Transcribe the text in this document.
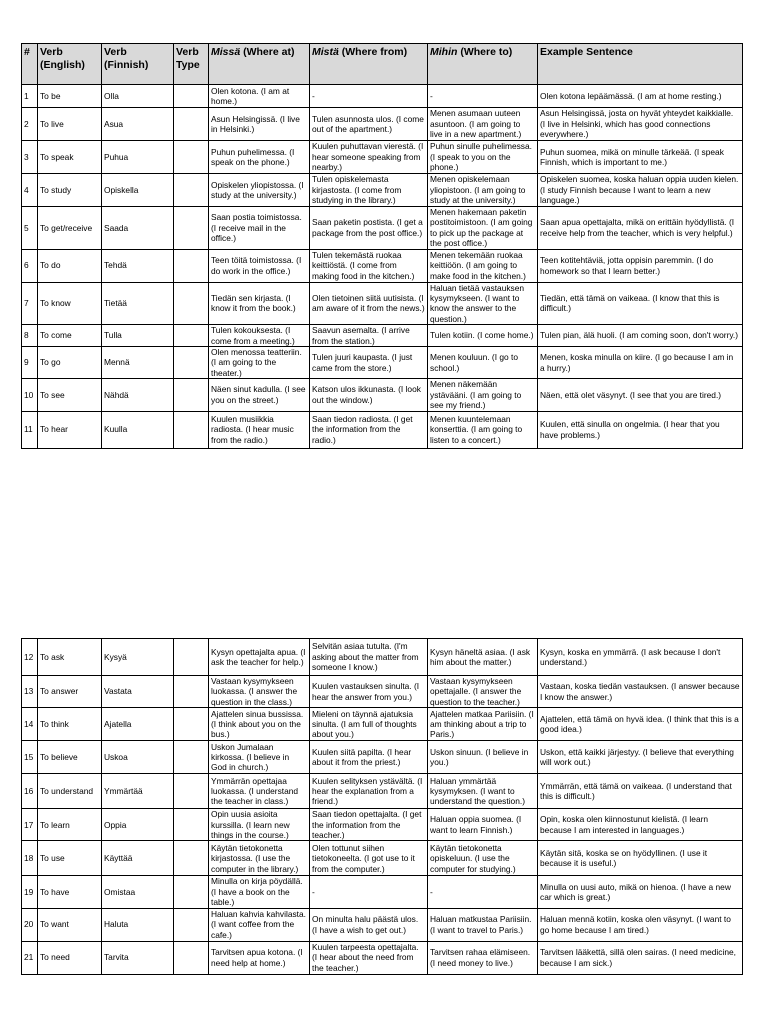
#	Verb (English)	Verb (Finnish)	Verb Type	Missä (Where at)	Mistä (Where from)	Mihin (Where to)	Example Sentence
1	To be	Olla		Olen kotona. (I am at home.)	-	-	Olen kotona lepäämässä. (I am at home resting.)
2	To live	Asua		Asun Helsingissä. (I live in Helsinki.)	Tulen asunnosta ulos. (I come out of the apartment.)	Menen asumaan uuteen asuntoon. (I am going to live in a new apartment.)	Asun Helsingissä, josta on hyvät yhteydet kaikkialle. (I live in Helsinki, which has good connections everywhere.)
3	To speak	Puhua		Puhun puhelimessa. (I speak on the phone.)	Kuulen puhuttavan vierestä. (I hear someone speaking from nearby.)	Puhun sinulle puhelimessa. (I speak to you on the phone.)	Puhun suomea, mikä on minulle tärkeää. (I speak Finnish, which is important to me.)
4	To study	Opiskella		Opiskelen yliopistossa. (I study at the university.)	Tulen opiskelemasta kirjastosta. (I come from studying in the library.)	Menen opiskelemaan yliopistoon. (I am going to study at the university.)	Opiskelen suomea, koska haluan oppia uuden kielen. (I study Finnish because I want to learn a new language.)
5	To get/receive	Saada		Saan postia toimistossa. (I receive mail in the office.)	Saan paketin postista. (I get a package from the post office.)	Menen hakemaan paketin postitoimistoon. (I am going to pick up the package at the post office.)	Saan apua opettajalta, mikä on erittäin hyödyllistä. (I receive help from the teacher, which is very helpful.)
6	To do	Tehdä		Teen töitä toimistossa. (I do work in the office.)	Tulen tekemästä ruokaa keittiöstä. (I come from making food in the kitchen.)	Menen tekemään ruokaa keittiöön. (I am going to make food in the kitchen.)	Teen kotitehtäviä, jotta oppisin paremmin. (I do homework so that I learn better.)
7	To know	Tietää		Tiedän sen kirjasta. (I know it from the book.)	Olen tietoinen siitä uutisista. (I am aware of it from the news.)	Haluan tietää vastauksen kysymykseen. (I want to know the answer to the question.)	Tiedän, että tämä on vaikeaa. (I know that this is difficult.)
8	To come	Tulla		Tulen kokouksesta. (I come from a meeting.)	Saavun asemalta. (I arrive from the station.)	Tulen kotiin. (I come home.)	Tulen pian, älä huoli. (I am coming soon, don't worry.)
9	To go	Mennä		Olen menossa teatteriin. (I am going to the theater.)	Tulen juuri kaupasta. (I just came from the store.)	Menen kouluun. (I go to school.)	Menen, koska minulla on kiire. (I go because I am in a hurry.)
10	To see	Nähdä		Näen sinut kadulla. (I see you on the street.)	Katson ulos ikkunasta. (I look out the window.)	Menen näkemään ystävääni. (I am going to see my friend.)	Näen, että olet väsynyt. (I see that you are tired.)
11	To hear	Kuulla		Kuulen musiikkia radiosta. (I hear music from the radio.)	Saan tiedon radiosta. (I get the information from the radio.)	Menen kuuntelemaan konserttia. (I am going to listen to a concert.)	Kuulen, että sinulla on ongelmia. (I hear that you have problems.)
12	To ask	Kysyä		Kysyn opettajalta apua. (I ask the teacher for help.)	Selvitän asiaa tutulta. (I'm asking about the matter from someone I know.)	Kysyn häneltä asiaa. (I ask him about the matter.)	Kysyn, koska en ymmärrä. (I ask because I don't understand.)
13	To answer	Vastata		Vastaan kysymykseen luokassa. (I answer the question in the class.)	Kuulen vastauksen sinulta. (I hear the answer from you.)	Vastaan kysymykseen opettajalle. (I answer the question to the teacher.)	Vastaan, koska tiedän vastauksen. (I answer because I know the answer.)
14	To think	Ajatella		Ajattelen sinua bussissa. (I think about you on the bus.)	Mieleni on täynnä ajatuksia sinulta. (I am full of thoughts about you.)	Ajattelen matkaa Pariisiin. (I am thinking about a trip to Paris.)	Ajattelen, että tämä on hyvä idea. (I think that this is a good idea.)
15	To believe	Uskoa		Uskon Jumalaan kirkossa. (I believe in God in church.)	Kuulen siitä papilta. (I hear about it from the priest.)	Uskon sinuun. (I believe in you.)	Uskon, että kaikki järjestyy. (I believe that everything will work out.)
16	To understand	Ymmärtää		Ymmärrän opettajaa luokassa. (I understand the teacher in class.)	Kuulen selityksen ystävältä. (I hear the explanation from a friend.)	Haluan ymmärtää kysymyksen. (I want to understand the question.)	Ymmärrän, että tämä on vaikeaa. (I understand that this is difficult.)
17	To learn	Oppia		Opin uusia asioita kurssilla. (I learn new things in the course.)	Saan tiedon opettajalta. (I get the information from the teacher.)	Haluan oppia suomea. (I want to learn Finnish.)	Opin, koska olen kiinnostunut kielistä. (I learn because I am interested in languages.)
18	To use	Käyttää		Käytän tietokonetta kirjastossa. (I use the computer in the library.)	Olen tottunut siihen tietokoneelta. (I got use to it from the computer.)	Käytän tietokonetta opiskeluun. (I use the computer for studying.)	Käytän sitä, koska se on hyödyllinen. (I use it because it is useful.)
19	To have	Omistaa		Minulla on kirja pöydällä. (I have a book on the table.)	-	-	Minulla on uusi auto, mikä on hienoa. (I have a new car which is great.)
20	To want	Haluta		Haluan kahvia kahvilasta. (I want coffee from the cafe.)	On minulta halu päästä ulos. (I have a wish to get out.)	Haluan matkustaa Pariisiin. (I want to travel to Paris.)	Haluan mennä kotiin, koska olen väsynyt. (I want to go home because I am tired.)
21	To need	Tarvita		Tarvitsen apua kotona. (I need help at home.)	Kuulen tarpeesta opettajalta. (I hear about the need from the teacher.)	Tarvitsen rahaa elämiseen. (I need money to live.)	Tarvitsen lääkettä, sillä olen sairas. (I need medicine, because I am sick.)
